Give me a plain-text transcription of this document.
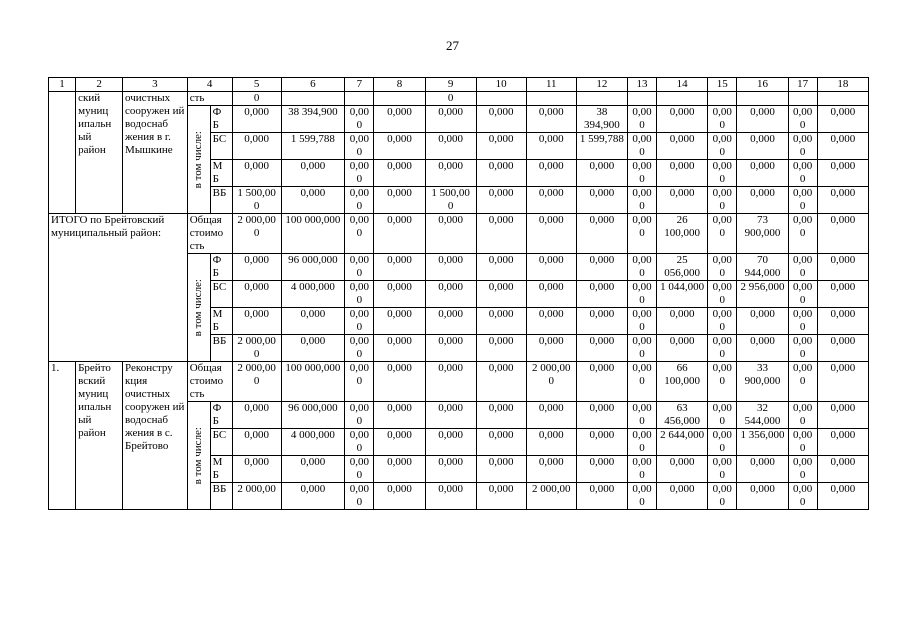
27
1	2	3	4		5	6	7	8	9	10	11	12	13	14	15	16	17	18
	ский муниц ипальн ый район	очистных сооружен ий водоснаб жения в г. Мышкине	сть		0				0									

			в том числе:	Ф Б	0,000	38 394,900	0,00 0	0,000	0,000	0,000	0,000	38 394,900	0,00 0	0,000	0,00 0	0,000	0,00 0	0,000
				БС	0,000	1 599,788	0,00 0	0,000	0,000	0,000	0,000	1 599,788	0,00 0	0,000	0,00 0	0,000	0,00 0	0,000
				М Б	0,000	0,000	0,00 0	0,000	0,000	0,000	0,000	0,000	0,00 0	0,000	0,00 0	0,000	0,00 0	0,000
				ВБ	1 500,00 0	0,000	0,00 0	0,000	1 500,00 0	0,000	0,000	0,000	0,00 0	0,000	0,00 0	0,000	0,00 0	0,000
ИТОГО по Брейтовский муниципальный район:			Общая стоимо сть		2 000,00 0	100 000,000	0,00 0	0,000	0,000	0,000	0,000	0,000	0,00 0	26 100,000	0,00 0	73 900,000	0,00 0	0,000

			в том числе:	Ф Б	0,000	96 000,000	0,00 0	0,000	0,000	0,000	0,000	0,000	0,00 0	25 056,000	0,00 0	70 944,000	0,00 0	0,000
				БС	0,000	4 000,000	0,00 0	0,000	0,000	0,000	0,000	0,000	0,00 0	1 044,000	0,00 0	2 956,000	0,00 0	0,000
				М Б	0,000	0,000	0,00 0	0,000	0,000	0,000	0,000	0,000	0,00 0	0,000	0,00 0	0,000	0,00 0	0,000
				ВБ	2 000,00 0	0,000	0,00 0	0,000	0,000	0,000	0,000	0,000	0,00 0	0,000	0,00 0	0,000	0,00 0	0,000
1.	Брейто вский муниц ипальн ый район	Реконстру кция очистных сооружен ий водоснаб жения в с. Брейтово	Общая стоимо сть		2 000,00 0	100 000,000	0,00 0	0,000	0,000	0,000	2 000,00 0	0,000	0,00 0	66 100,000	0,00 0	33 900,000	0,00 0	0,000

			в том числе:	Ф Б	0,000	96 000,000	0,00 0	0,000	0,000	0,000	0,000	0,000	0,00 0	63 456,000	0,00 0	32 544,000	0,00 0	0,000
				БС	0,000	4 000,000	0,00 0	0,000	0,000	0,000	0,000	0,000	0,00 0	2 644,000	0,00 0	1 356,000	0,00 0	0,000
				М Б	0,000	0,000	0,00 0	0,000	0,000	0,000	0,000	0,000	0,00 0	0,000	0,00 0	0,000	0,00 0	0,000
				ВБ	2 000,00	0,000	0,00 0	0,000	0,000	0,000	2 000,00	0,000	0,00 0	0,000	0,00 0	0,000	0,00 0	0,000
